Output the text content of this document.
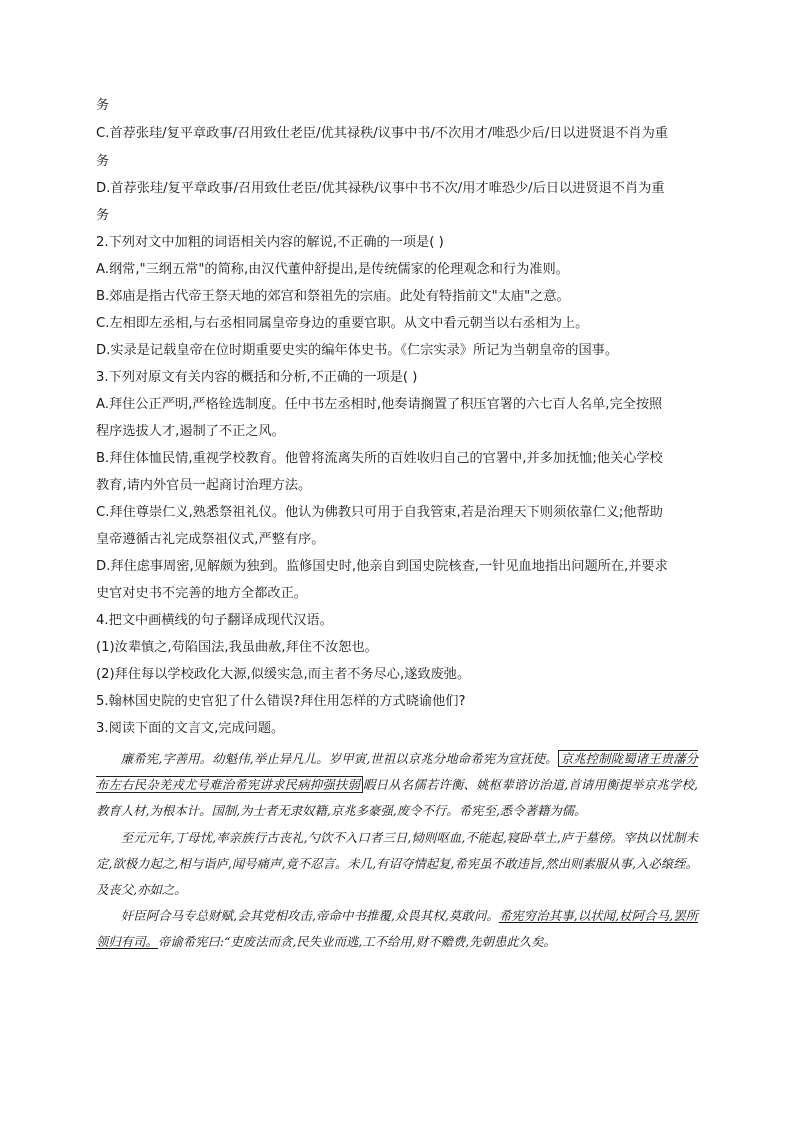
务
C.首荐张珪/复平章政事/召用致仕老臣/优其禄秩/议事中书/不次用才/唯恐少后/日以进贤退不肖为重
务
D.首荐张珪/复平章政事/召用致仕老臣/优其禄秩/议事中书不次/用才唯恐少/后日以进贤退不肖为重
务
2.下列对文中加粗的词语相关内容的解说,不正确的一项是( )
A.纲常,"三纲五常"的简称,由汉代董仲舒提出,是传统儒家的伦理观念和行为准则。
B.郊庙是指古代帝王祭天地的郊宫和祭祖先的宗庙。此处有特指前文"太庙"之意。
C.左相即左丞相,与右丞相同属皇帝身边的重要官职。从文中看元朝当以右丞相为上。
D.实录是记载皇帝在位时期重要史实的编年体史书。《仁宗实录》所记为当朝皇帝的国事。
3.下列对原文有关内容的概括和分析,不正确的一项是( )
A.拜住公正严明,严格铨选制度。任中书左丞相时,他奏请搁置了积压官署的六七百人名单,完全按照
程序选拔人才,遏制了不正之风。
B.拜住体恤民情,重视学校教育。他曾将流离失所的百姓收归自己的官署中,并多加抚恤;他关心学校
教育,请内外官员一起商讨治理方法。
C.拜住尊崇仁义,熟悉祭祖礼仪。他认为佛教只可用于自我管束,若是治理天下则须依靠仁义;他帮助
皇帝遵循古礼完成祭祖仪式,严整有序。
D.拜住虑事周密,见解颇为独到。监修国史时,他亲自到国史院核查,一针见血地指出问题所在,并要求
史官对史书不完善的地方全都改正。
4.把文中画横线的句子翻译成现代汉语。
(1)汝辈慎之,苟陷国法,我虽曲赦,拜住不汝恕也。
(2)拜住每以学校政化大源,似缓实急,而主者不务尽心,遂致废弛。
5.翰林国史院的史官犯了什么错误?拜住用怎样的方式晓谕他们?
3.阅读下面的文言文,完成问题。

廉希宪,字善用。幼魁伟,举止异凡儿。岁甲寅,世祖以京兆分地命希宪为宣抚使。 京兆控制陇蜀诸王贵藩分布左右民杂羌戎尤号难治希宪讲求民病抑强扶弱 暇日从名儒若许衡、姚枢辈谘访治道,首请用衡提举京兆学校,教育人材,为根本计。国制,为士者无隶奴籍,京兆多豪强,废令不行。希宪至,悉令著籍为儒。

至元元年,丁母忧,率亲族行古丧礼,勺饮不入口者三日,恸则呕血,不能起,寝卧草土,庐于墓傍。宰执以忧制未定,欲极力起之,相与诣庐,闻号痛声,竟不忍言。未几,有诏夺情起复,希宪虽不敢违旨,然出则素服从事,入必缞绖。及丧父,亦如之。

奸臣阿合马专总财赋,会其党相攻击,帝命中书推覆,众畏其权,莫敢问。希宪穷治其事,以状闻,杖阿合马,罢所领归有司。帝谕希宪曰:“吏废法而贪,民失业而逃,工不给用,财不赡费,先朝患此久矣。
